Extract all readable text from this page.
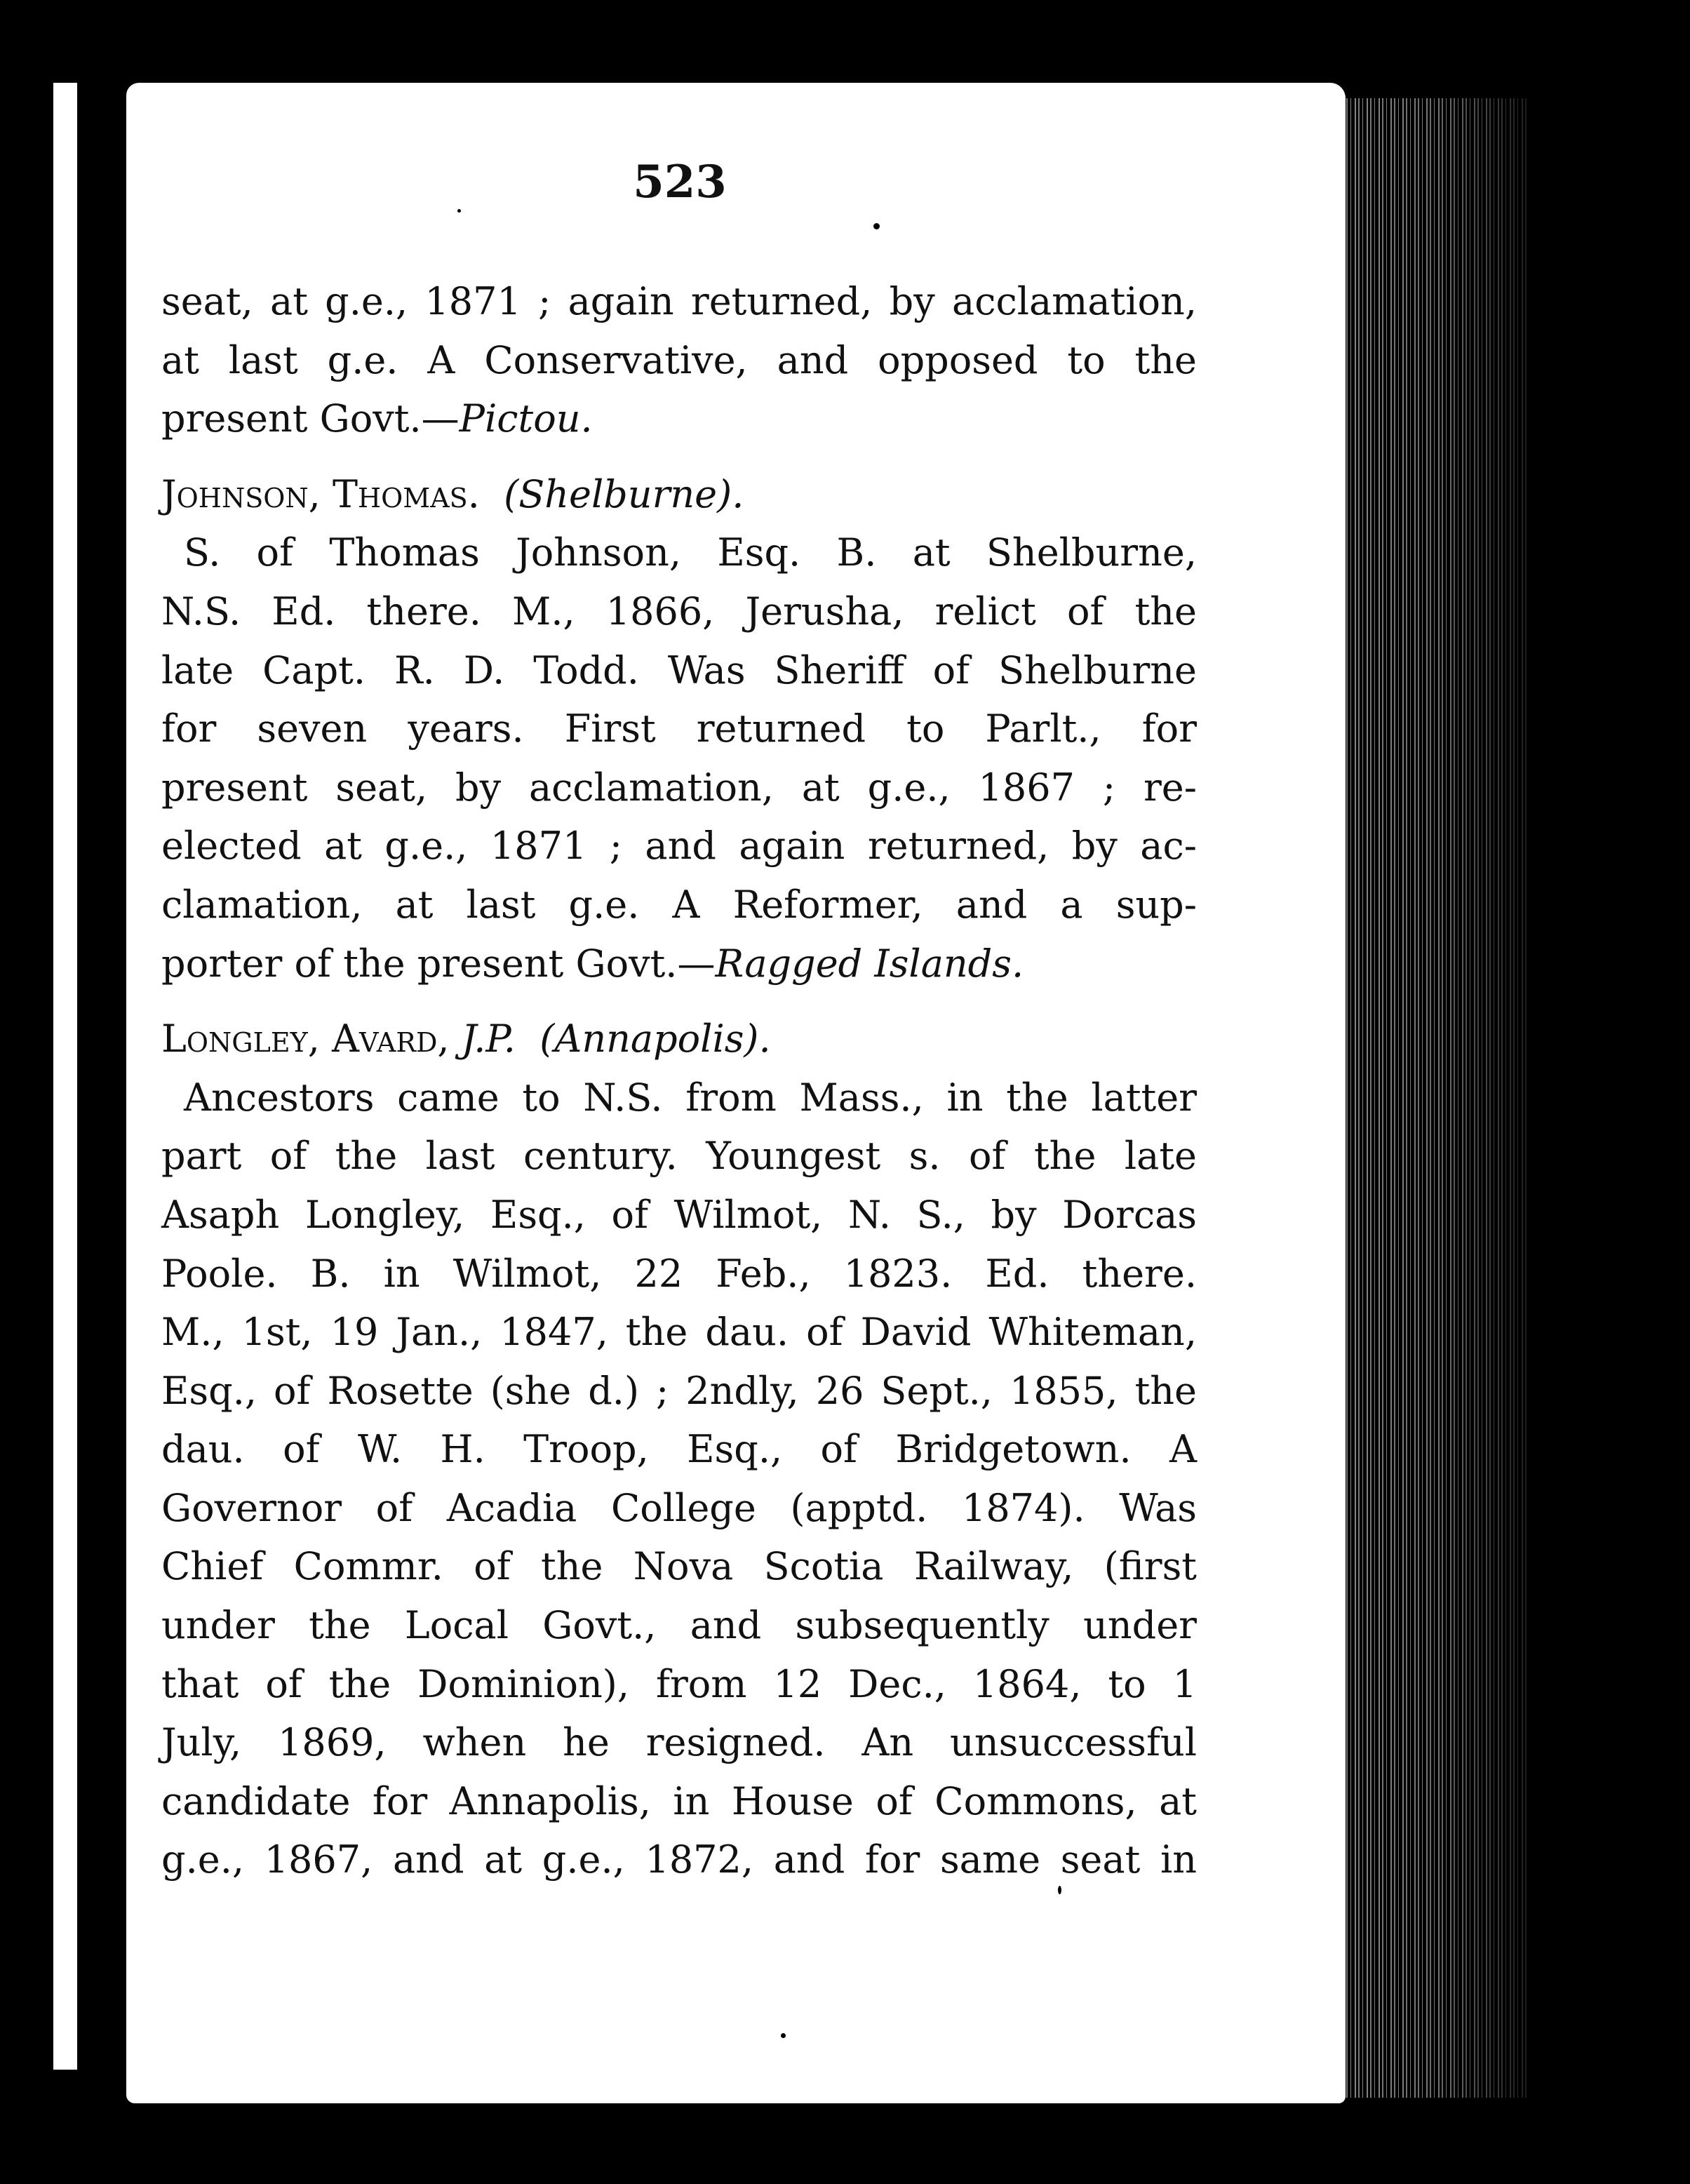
523
seat, at g.e., 1871 ; again returned, by acclamation,
at last g.e. A Conservative, and opposed to the
present Govt.—Pictou.
Johnson, Thomas. (Shelburne).
S. of Thomas Johnson, Esq. B. at Shelburne,
N.S. Ed. there. M., 1866, Jerusha, relict of the
late Capt. R. D. Todd. Was Sheriff of Shelburne
for seven years. First returned to Parlt., for
present seat, by acclamation, at g.e., 1867 ; re-
elected at g.e., 1871 ; and again returned, by ac-
clamation, at last g.e. A Reformer, and a sup-
porter of the present Govt.—Ragged Islands.
Longley, Avard, J.P. (Annapolis).
Ancestors came to N.S. from Mass., in the latter
part of the last century. Youngest s. of the late
Asaph Longley, Esq., of Wilmot, N. S., by Dorcas
Poole. B. in Wilmot, 22 Feb., 1823. Ed. there.
M., 1st, 19 Jan., 1847, the dau. of David Whiteman,
Esq., of Rosette (she d.) ; 2ndly, 26 Sept., 1855, the
dau. of W. H. Troop, Esq., of Bridgetown. A
Governor of Acadia College (apptd. 1874). Was
Chief Commr. of the Nova Scotia Railway, (first
under the Local Govt., and subsequently under
that of the Dominion), from 12 Dec., 1864, to 1
July, 1869, when he resigned. An unsuccessful
candidate for Annapolis, in House of Commons, at
g.e., 1867, and at g.e., 1872, and for same seat in
